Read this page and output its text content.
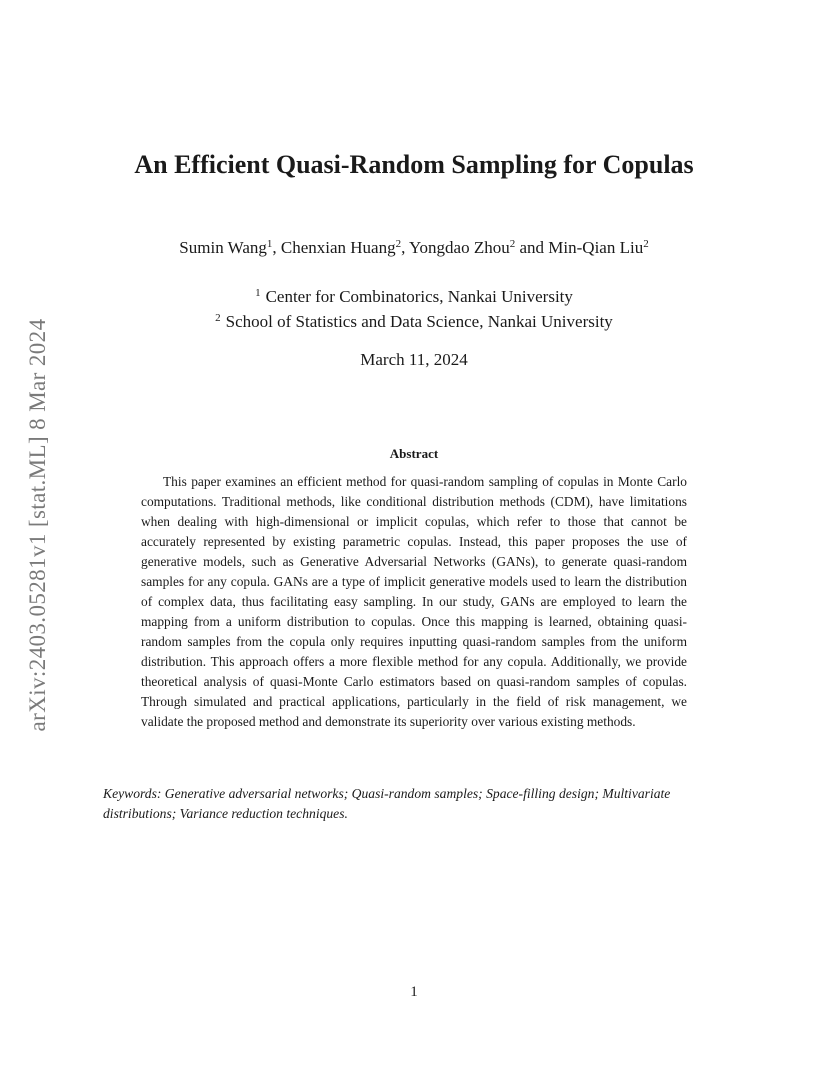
arXiv:2403.05281v1 [stat.ML] 8 Mar 2024
An Efficient Quasi-Random Sampling for Copulas
Sumin Wang$^1$, Chenxian Huang$^2$, Yongdao Zhou$^2$ and Min-Qian Liu$^2$
$^1$ Center for Combinatorics, Nankai University
$^2$ School of Statistics and Data Science, Nankai University
March 11, 2024
Abstract

This paper examines an efficient method for quasi-random sampling of copulas in Monte Carlo computations. Traditional methods, like conditional distribution methods (CDM), have limitations when dealing with high-dimensional or implicit copulas, which refer to those that cannot be accurately represented by existing parametric copulas. Instead, this paper proposes the use of generative models, such as Generative Adversarial Networks (GANs), to generate quasi-random samples for any copula. GANs are a type of implicit generative models used to learn the distribution of complex data, thus facilitating easy sampling. In our study, GANs are employed to learn the mapping from a uniform distribution to copulas. Once this mapping is learned, obtaining quasi-random samples from the copula only requires inputting quasi-random samples from the uniform distribution. This approach offers a more flexible method for any copula. Additionally, we provide theoretical analysis of quasi-Monte Carlo estimators based on quasi-random samples of copulas. Through simulated and practical applications, particularly in the field of risk management, we validate the proposed method and demonstrate its superiority over various existing methods.

Keywords: Generative adversarial networks; Quasi-random samples; Space-filling design; Multivariate distributions; Variance reduction techniques.

1
